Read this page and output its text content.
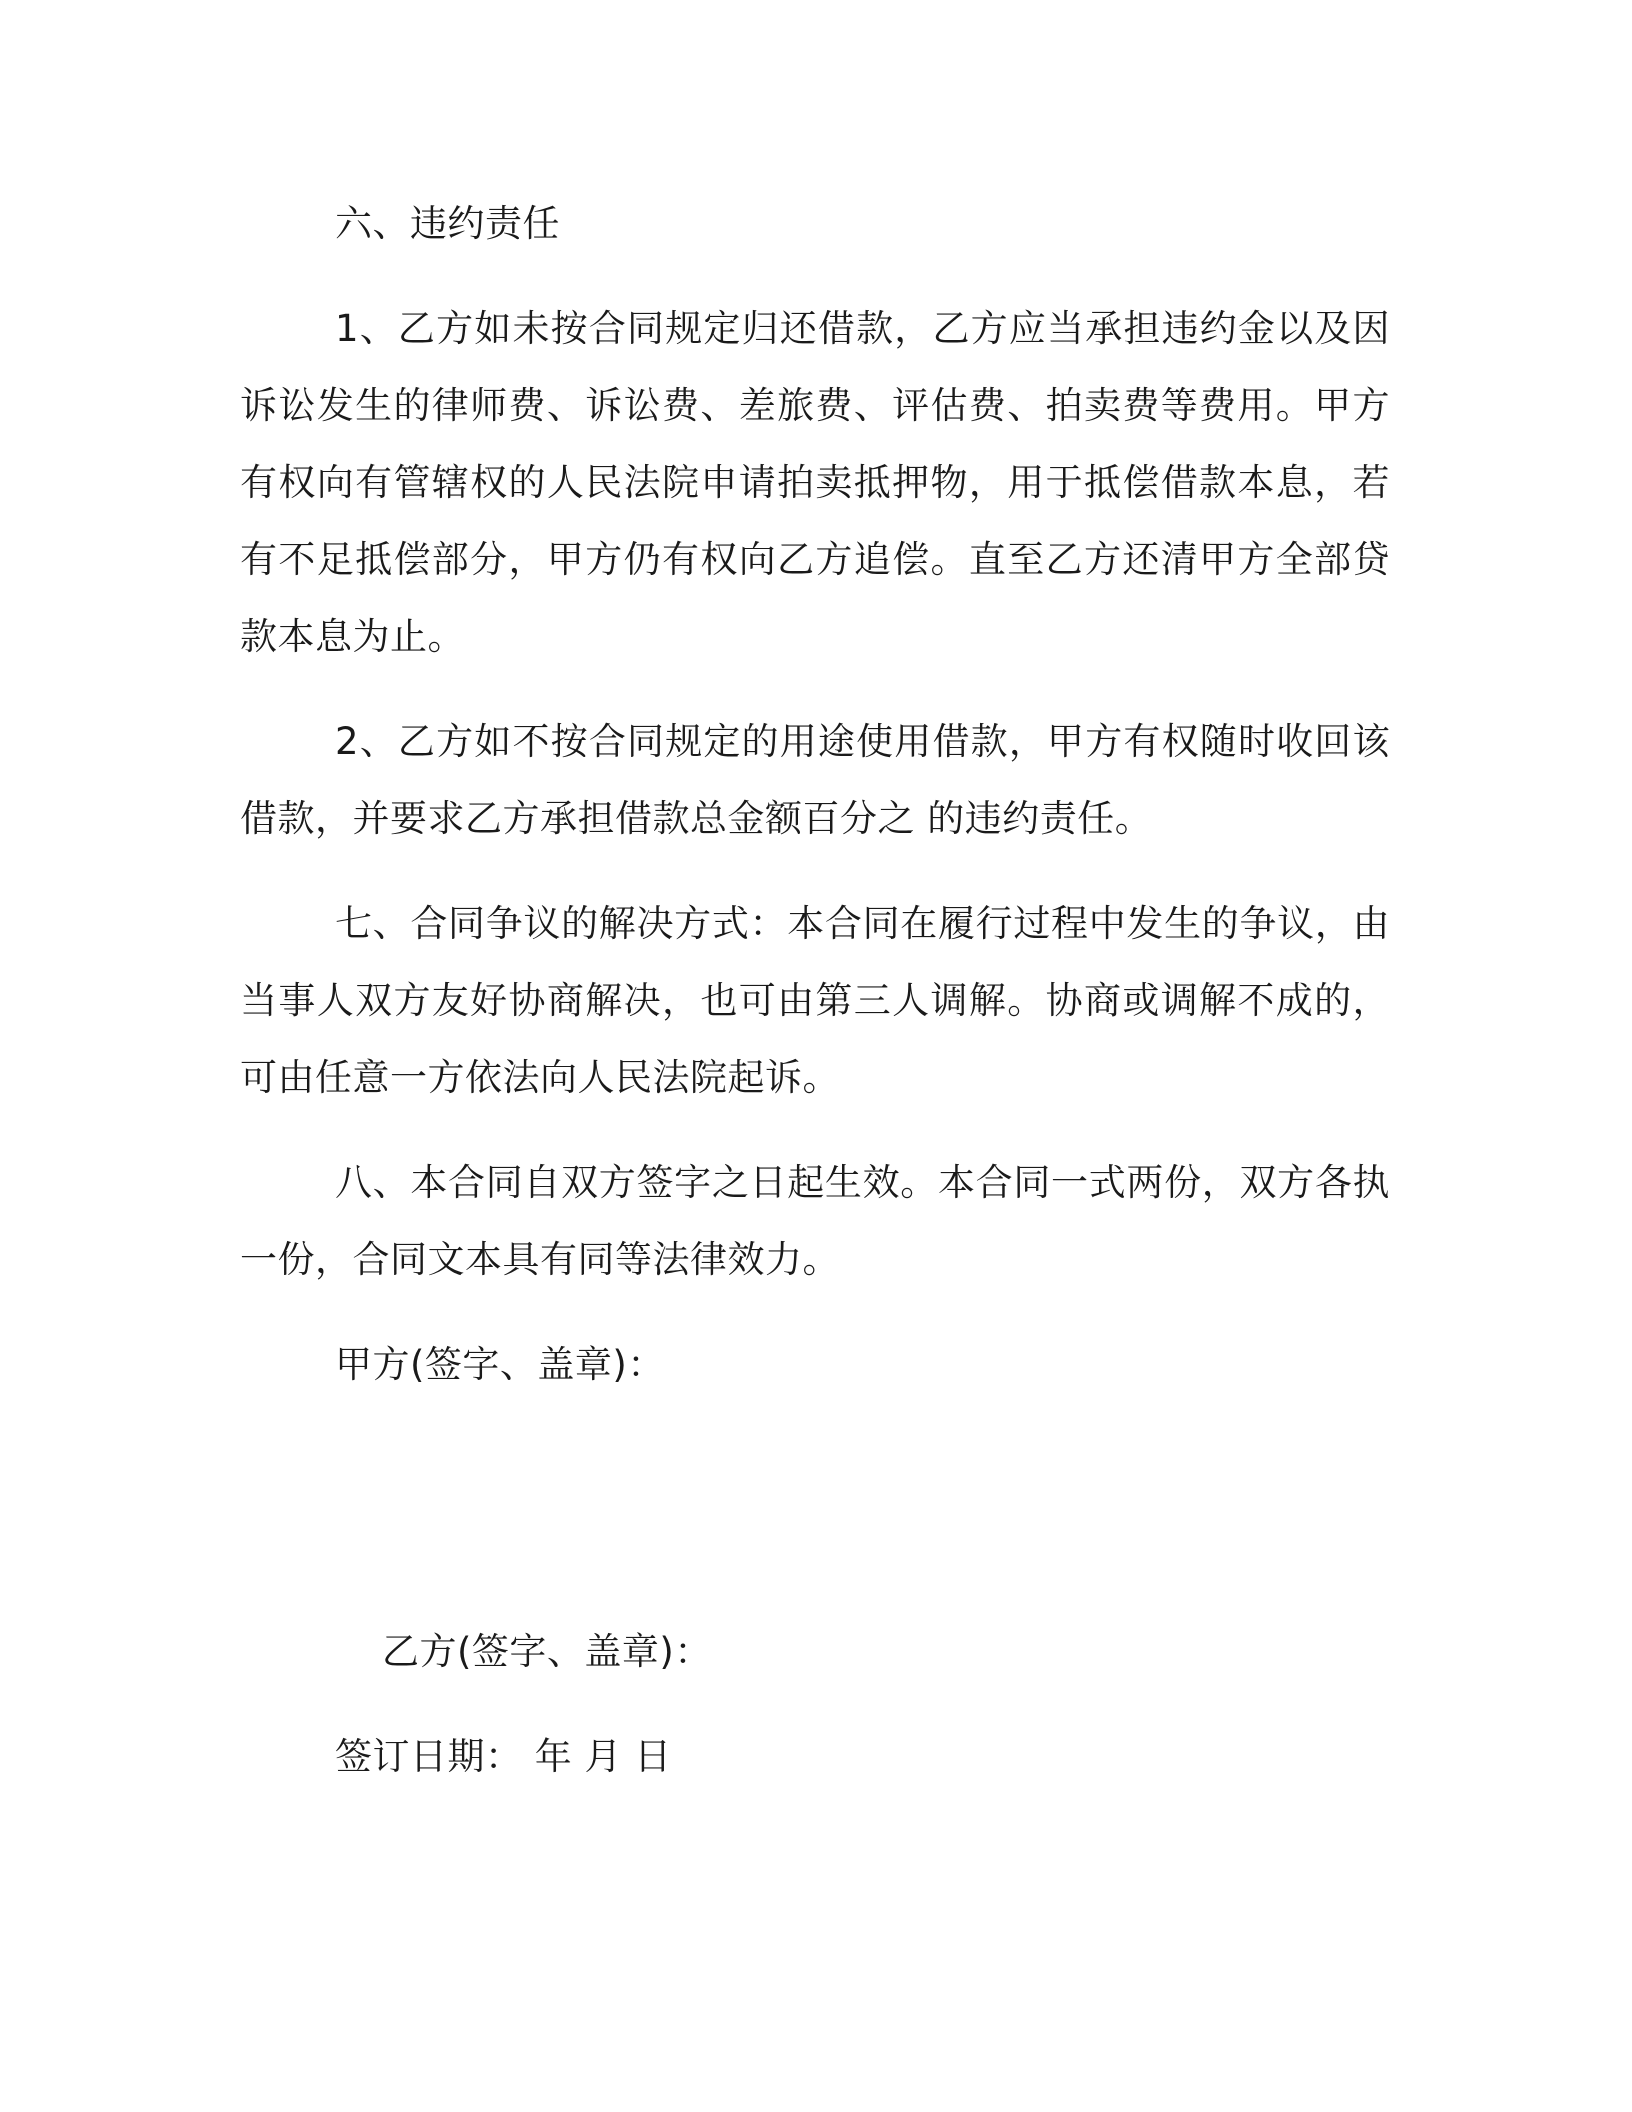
六、违约责任

1、乙方如未按合同规定归还借款，乙方应当承担违约金以及因诉讼发生的律师费、诉讼费、差旅费、评估费、拍卖费等费用。甲方有权向有管辖权的人民法院申请拍卖抵押物，用于抵偿借款本息，若有不足抵偿部分，甲方仍有权向乙方追偿。直至乙方还清甲方全部贷款本息为止。

2、乙方如不按合同规定的用途使用借款，甲方有权随时收回该借款，并要求乙方承担借款总金额百分之 的违约责任。

七、合同争议的解决方式：本合同在履行过程中发生的争议，由当事人双方友好协商解决，也可由第三人调解。协商或调解不成的，可由任意一方依法向人民法院起诉。

八、本合同自双方签字之日起生效。本合同一式两份，双方各执一份，合同文本具有同等法律效力。

甲方(签字、盖章)：

乙方(签字、盖章)：

签订日期： 年 月 日
